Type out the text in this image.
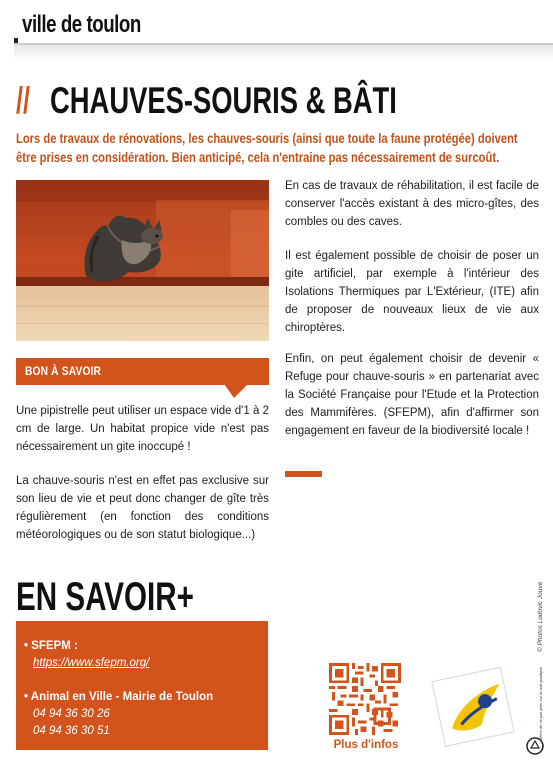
ville de toulon
// CHAUVES-SOURIS & BÂTI
Lors de travaux de rénovations, les chauves-souris (ainsi que toute la faune protégée) doivent être prises en considération. Bien anticipé, cela n'entraine pas nécessairement de surcoût.
BON À SAVOIR
Une pipistrelle peut utiliser un espace vide d'1 à 2 cm de large. Un habitat propice vide n'est pas nécessairement un gite inoccupé !
La chauve-souris n'est en effet pas exclusive sur son lieu de vie et peut donc changer de gîte très régulièrement (en fonction des conditions météorologiques ou de son statut biologique...)
En cas de travaux de réhabilitation, il est facile de conserver l'accès existant à des micro-gîtes, des combles ou des caves.
Il est également possible de choisir de poser un gite artificiel, par exemple à l'intérieur des Isolations Thermiques par L'Extérieur, (ITE) afin de proposer de nouveaux lieux de vie aux chiroptères.
Enfin, on peut également choisir de devenir « Refuge pour chauve-souris » en partenariat avec la Société Française pour l'Etude et la Protection des Mammifères. (SFEPM), afin d'affirmer son engagement en faveur de la biodiversité locale !
EN SAVOIR+
• SFEPM :
https://www.sfepm.org/
• Animal en Ville - Mairie de Toulon
04 94 36 30 26
04 94 36 30 51
Plus d'infos
© Photos Ludovic Jouve
Merci de ne pas jeter sur la voie publique
